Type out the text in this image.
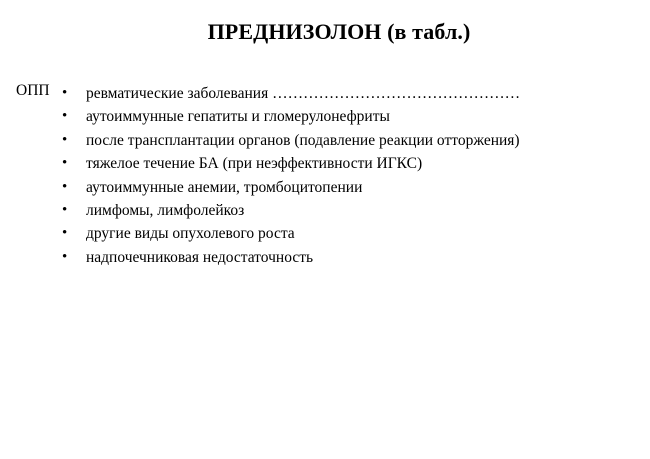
ПРЕДНИЗОЛОН (в табл.)
ОПП • ревматические заболевания …………………………………………
• аутоиммунные гепатиты и гломерулонефриты
• после трансплантации органов (подавление реакции отторжения)
• тяжелое течение БА (при неэффективности ИГКС)
• аутоиммунные анемии, тромбоцитопении
• лимфомы, лимфолейкоз
• другие виды опухолевого роста
• надпочечниковая недостаточность
